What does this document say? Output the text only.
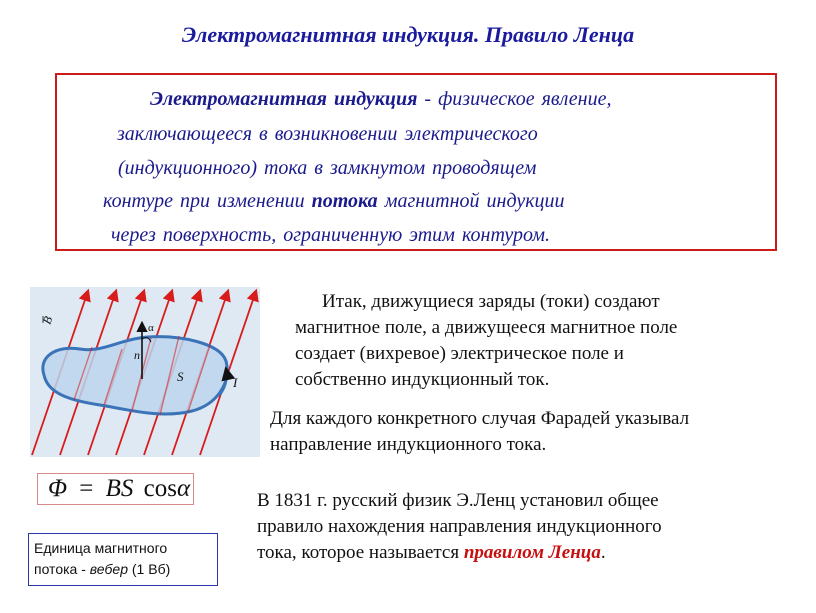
Электромагнитная индукция. Правило Ленца
Электромагнитная индукция - физическое явление,
заключающееся в возникновении электрического
(индукционного) тока в замкнутом проводящем
контуре при изменении потока магнитной индукции
через поверхность, ограниченную этим контуром.
B
n
α
S	I
Итак, движущиеся заряды (токи) создают
магнитное поле, а движущееся магнитное поле
создает (вихревое) электрическое поле и
собственно индукционный ток.
Для каждого конкретного случая Фарадей указывал
направление индукционного тока.
Φ = BS cosα
Единица магнитного
потока - вебер (1 Вб)
В 1831 г. русский физик Э.Ленц установил общее
правило нахождения направления индукционного
тока, которое называется правилом Ленца.
